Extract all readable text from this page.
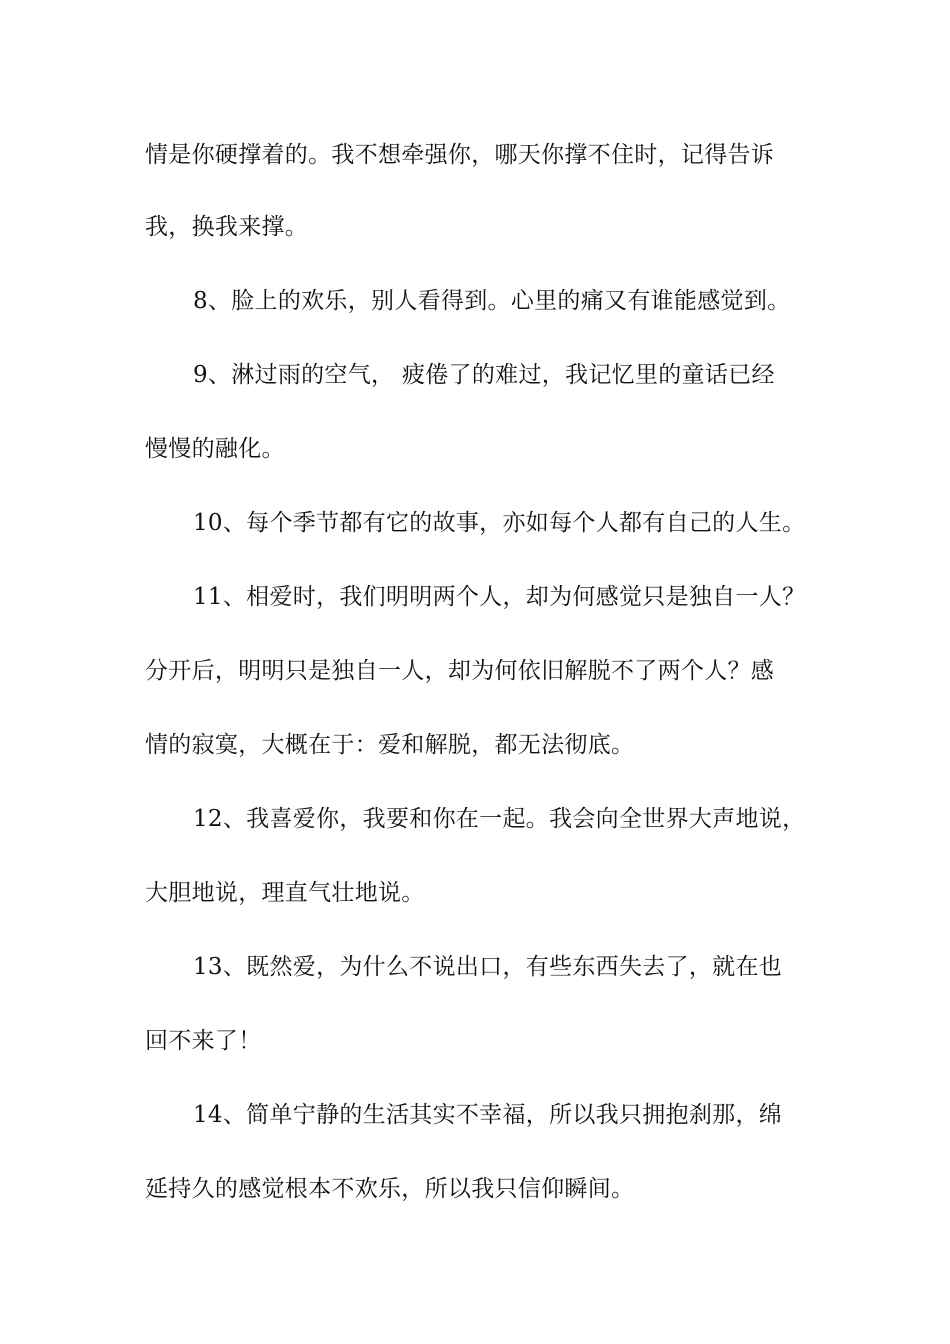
情是你硬撑着的。我不想牵强你，哪天你撑不住时，记得告诉
我，换我来撑。
8、脸上的欢乐，别人看得到。心里的痛又有谁能感觉到。
9、淋过雨的空气， 疲倦了的难过，我记忆里的童话已经
慢慢的融化。
10、每个季节都有它的故事，亦如每个人都有自己的人生。
11、相爱时，我们明明两个人，却为何感觉只是独自一人？
分开后，明明只是独自一人，却为何依旧解脱不了两个人？感
情的寂寞，大概在于：爱和解脱，都无法彻底。
12、我喜爱你，我要和你在一起。我会向全世界大声地说，
大胆地说，理直气壮地说。
13、既然爱，为什么不说出口，有些东西失去了，就在也
回不来了！
14、简单宁静的生活其实不幸福，所以我只拥抱刹那，绵
延持久的感觉根本不欢乐，所以我只信仰瞬间。
